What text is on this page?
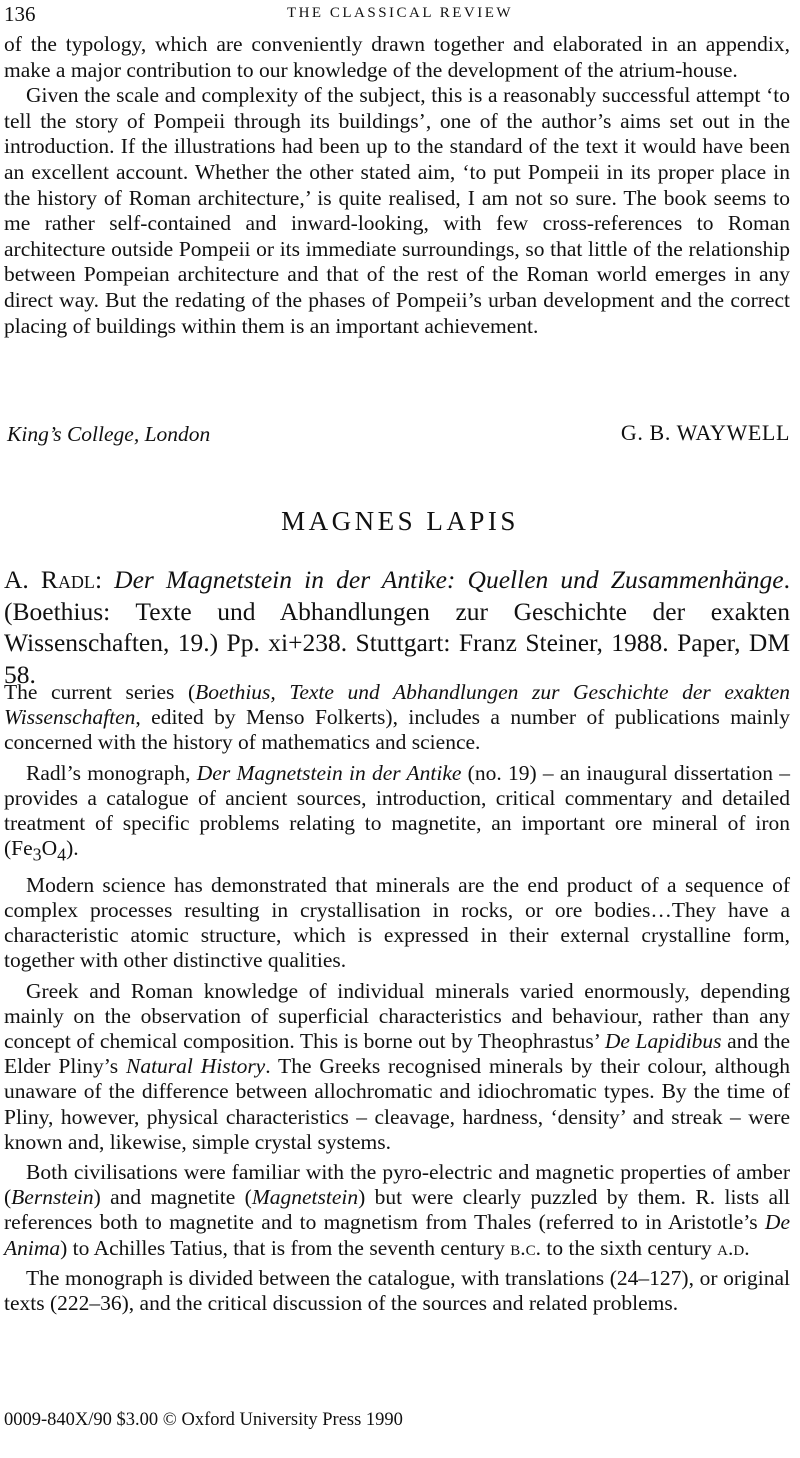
136	THE CLASSICAL REVIEW

of the typology, which are conveniently drawn together and elaborated in an appendix, make a major contribution to our knowledge of the development of the atrium-house.

Given the scale and complexity of the subject, this is a reasonably successful attempt ‘to tell the story of Pompeii through its buildings’, one of the author’s aims set out in the introduction. If the illustrations had been up to the standard of the text it would have been an excellent account. Whether the other stated aim, ‘to put Pompeii in its proper place in the history of Roman architecture,’ is quite realised, I am not so sure. The book seems to me rather self-contained and inward-looking, with few cross-references to Roman architecture outside Pompeii or its immediate surroundings, so that little of the relationship between Pompeian architecture and that of the rest of the Roman world emerges in any direct way. But the redating of the phases of Pompeii’s urban development and the correct placing of buildings within them is an important achievement.

King’s College, London	G. B. WAYWELL
MAGNES LAPIS

A. Radl: Der Magnetstein in der Antike: Quellen und Zusammenhänge. (Boethius: Texte und Abhandlungen zur Geschichte der exakten Wissenschaften, 19.) Pp. xi+238. Stuttgart: Franz Steiner, 1988. Paper, DM 58.

The current series (Boethius, Texte und Abhandlungen zur Geschichte der exakten Wissenschaften, edited by Menso Folkerts), includes a number of publications mainly concerned with the history of mathematics and science.

Radl’s monograph, Der Magnetstein in der Antike (no. 19) – an inaugural dissertation – provides a catalogue of ancient sources, introduction, critical commentary and detailed treatment of specific problems relating to magnetite, an important ore mineral of iron $(Fe_3O_4)$.

Modern science has demonstrated that minerals are the end product of a sequence of complex processes resulting in crystallisation in rocks, or ore bodies…They have a characteristic atomic structure, which is expressed in their external crystalline form, together with other distinctive qualities.

Greek and Roman knowledge of individual minerals varied enormously, depending mainly on the observation of superficial characteristics and behaviour, rather than any concept of chemical composition. This is borne out by Theophrastus’ De Lapidibus and the Elder Pliny’s Natural History. The Greeks recognised minerals by their colour, although unaware of the difference between allochromatic and idiochromatic types. By the time of Pliny, however, physical characteristics – cleavage, hardness, ‘density’ and streak – were known and, likewise, simple crystal systems.

Both civilisations were familiar with the pyro-electric and magnetic properties of amber (Bernstein) and magnetite (Magnetstein) but were clearly puzzled by them. R. lists all references both to magnetite and to magnetism from Thales (referred to in Aristotle’s De Anima) to Achilles Tatius, that is from the seventh century b.c. to the sixth century a.d.

The monograph is divided between the catalogue, with translations (24–127), or original texts (222–36), and the critical discussion of the sources and related problems.

0009-840X/90 $3.00 © Oxford University Press 1990
